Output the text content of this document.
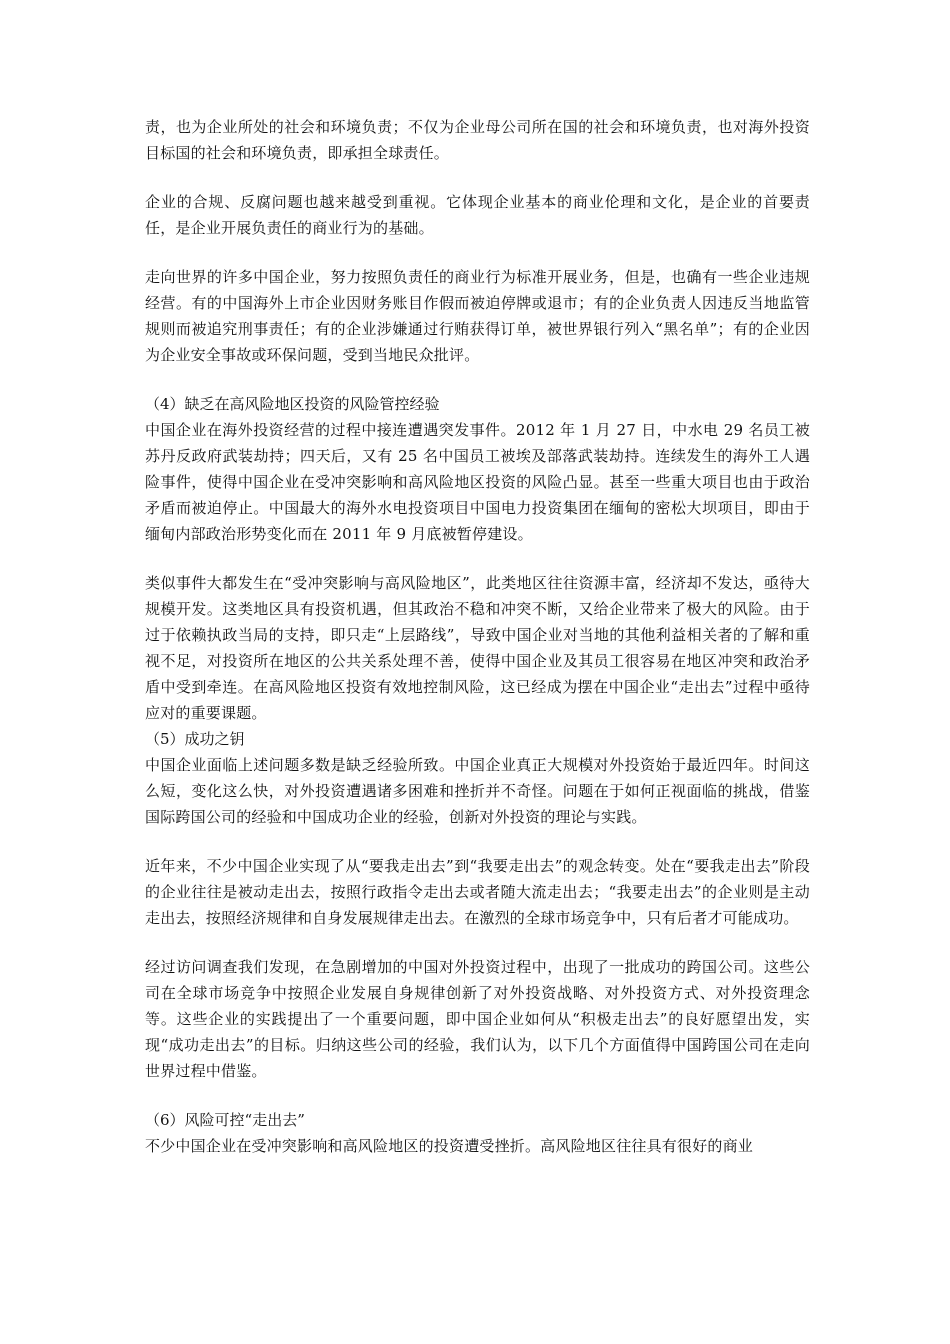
责，也为企业所处的社会和环境负责；不仅为企业母公司所在国的社会和环境负责，也对海外投资目标国的社会和环境负责，即承担全球责任。

企业的合规、反腐问题也越来越受到重视。它体现企业基本的商业伦理和文化，是企业的首要责任，是企业开展负责任的商业行为的基础。

走向世界的许多中国企业，努力按照负责任的商业行为标准开展业务，但是，也确有一些企业违规经营。有的中国海外上市企业因财务账目作假而被迫停牌或退市；有的企业负责人因违反当地监管规则而被追究刑事责任；有的企业涉嫌通过行贿获得订单，被世界银行列入“黑名单”；有的企业因为企业安全事故或环保问题，受到当地民众批评。

（4）缺乏在高风险地区投资的风险管控经验

中国企业在海外投资经营的过程中接连遭遇突发事件。2012 年 1 月 27 日，中水电 29 名员工被苏丹反政府武装劫持；四天后，又有 25 名中国员工被埃及部落武装劫持。连续发生的海外工人遇险事件，使得中国企业在受冲突影响和高风险地区投资的风险凸显。甚至一些重大项目也由于政治矛盾而被迫停止。中国最大的海外水电投资项目中国电力投资集团在缅甸的密松大坝项目，即由于缅甸内部政治形势变化而在 2011 年 9 月底被暂停建设。

类似事件大都发生在“受冲突影响与高风险地区”，此类地区往往资源丰富，经济却不发达，亟待大规模开发。这类地区具有投资机遇，但其政治不稳和冲突不断，又给企业带来了极大的风险。由于过于依赖执政当局的支持，即只走“上层路线”，导致中国企业对当地的其他利益相关者的了解和重视不足，对投资所在地区的公共关系处理不善，使得中国企业及其员工很容易在地区冲突和政治矛盾中受到牵连。在高风险地区投资有效地控制风险，这已经成为摆在中国企业“走出去”过程中亟待应对的重要课题。

（5）成功之钥

中国企业面临上述问题多数是缺乏经验所致。中国企业真正大规模对外投资始于最近四年。时间这么短，变化这么快，对外投资遭遇诸多困难和挫折并不奇怪。问题在于如何正视面临的挑战，借鉴国际跨国公司的经验和中国成功企业的经验，创新对外投资的理论与实践。

近年来，不少中国企业实现了从“要我走出去”到“我要走出去”的观念转变。处在“要我走出去”阶段的企业往往是被动走出去，按照行政指令走出去或者随大流走出去；“我要走出去”的企业则是主动走出去，按照经济规律和自身发展规律走出去。在激烈的全球市场竞争中，只有后者才可能成功。

经过访问调查我们发现，在急剧增加的中国对外投资过程中，出现了一批成功的跨国公司。这些公司在全球市场竞争中按照企业发展自身规律创新了对外投资战略、对外投资方式、对外投资理念等。这些企业的实践提出了一个重要问题，即中国企业如何从“积极走出去”的良好愿望出发，实现“成功走出去”的目标。归纳这些公司的经验，我们认为，以下几个方面值得中国跨国公司在走向世界过程中借鉴。

（6）风险可控“走出去”

不少中国企业在受冲突影响和高风险地区的投资遭受挫折。高风险地区往往具有很好的商业
